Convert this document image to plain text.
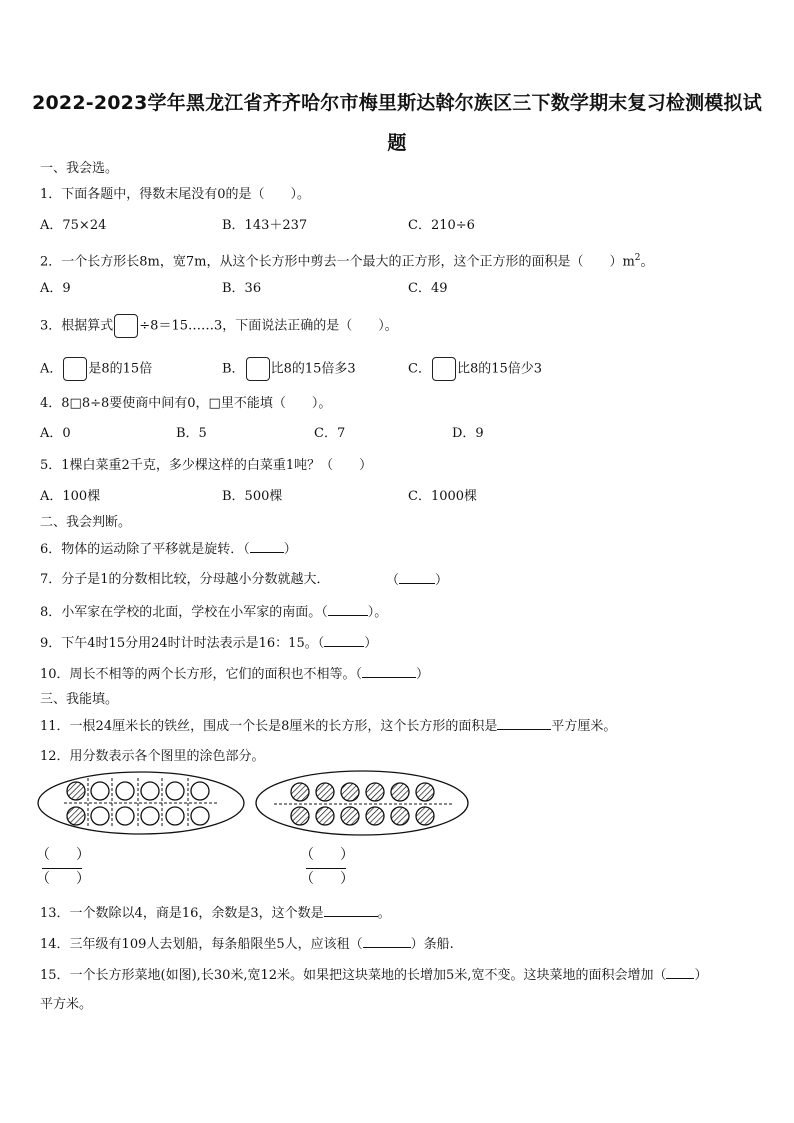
2022-2023学年黑龙江省齐齐哈尔市梅里斯达斡尔族区三下数学期末复习检测模拟试
题
一、我会选。
1．下面各题中，得数末尾没有0的是（　　）。
A．75×24	B．143＋237	C．210÷6
2．一个长方形长8m，宽7m，从这个长方形中剪去一个最大的正方形，这个正方形的面积是（　　）$m^2$。
A．9	B．36	C．49
3．根据算式 ÷8＝15……3，下面说法正确的是（　　）。
A． 是8的15倍	B． 比8的15倍多3	C． 比8的15倍少3
4．8□8÷8要使商中间有0，□里不能填（　　）。
A．0	B．5	C．7	D．9
5．1棵白菜重2千克，多少棵这样的白菜重1吨？（　　）
A．100棵	B．500棵	C．1000棵
二、我会判断。
6．物体的运动除了平移就是旋转．（	）
7．分子是1的分数相比较，分母越小分数就越大．	（	）
8．小军家在学校的北面，学校在小军家的南面。（	）。
9．下午4时15分用24时计时法表示是16：15。（	）
10．周长不相等的两个长方形，它们的面积也不相等。（	）
三、我能填。
11．一根24厘米长的铁丝，围成一个长是8厘米的长方形，这个长方形的面积是	平方厘米。
12．用分数表示各个图里的涂色部分。
（ ）
（ ）
（ ）
（ ）
13．一个数除以4，商是16，余数是3，这个数是	。
14．三年级有109人去划船，每条船限坐5人，应该租（	）条船.
15．一个长方形菜地(如图),长30米,宽12米。如果把这块菜地的长增加5米,宽不变。这块菜地的面积会增加（ ）
平方米。
